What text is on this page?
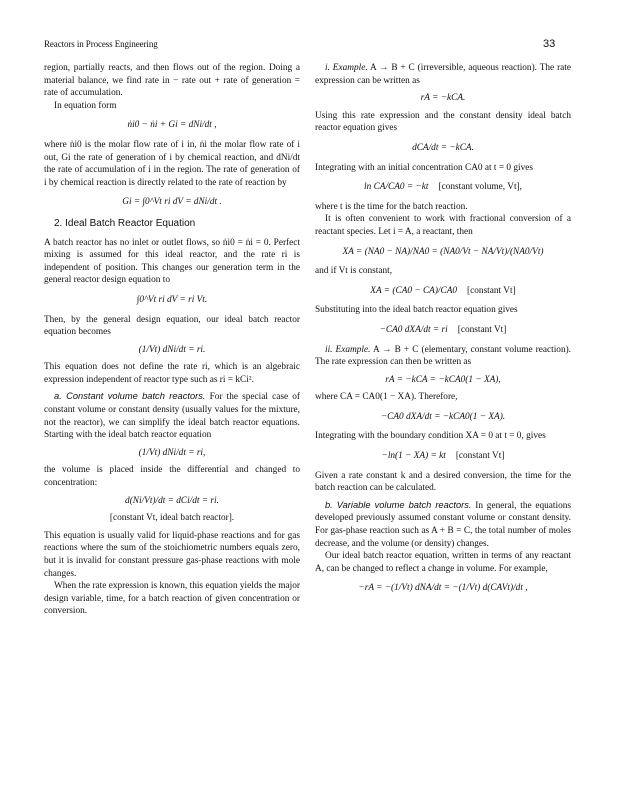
Reactors in Process Engineering	33

region, partially reacts, and then flows out of the region. Doing a material balance, we find rate in − rate out + rate of generation = rate of accumulation.

In equation form

ṅi0 − ṅi + Gi = dNi/dt ,

where ṅi0 is the molar flow rate of i in, ṅi the molar flow rate of i out, Gi the rate of generation of i by chemical reaction, and dNi/dt the rate of accumulation of i in the region. The rate of generation of i by chemical reaction is directly related to the rate of reaction by

Gi = ∫0^Vt ri dV = dNi/dt .
2. Ideal Batch Reactor Equation

A batch reactor has no inlet or outlet flows, so ṅi0 = ṅi = 0. Perfect mixing is assumed for this ideal reactor, and the rate ri is independent of position. This changes our generation term in the general reactor design equation to

∫0^Vt ri dV = ri Vt.

Then, by the general design equation, our ideal batch reactor equation becomes

(1/Vt) dNi/dt = ri.

This equation does not define the rate ri, which is an algebraic expression independent of reactor type such as ri = kCi².

a. Constant volume batch reactors. For the special case of constant volume or constant density (usually values for the mixture, not the reactor), we can simplify the ideal batch reactor equations. Starting with the ideal batch reactor equation

(1/Vt) dNi/dt = ri,

the volume is placed inside the differential and changed to concentration:

d(Ni/Vt)/dt = dCi/dt = ri.
[constant Vt, ideal batch reactor].

This equation is usually valid for liquid-phase reactions and for gas reactions where the sum of the stoichiometric numbers equals zero, but it is invalid for constant pressure gas-phase reactions with mole changes.

When the rate expression is known, this equation yields the major design variable, time, for a batch reaction of given concentration or conversion.

i. Example. A → B + C (irreversible, aqueous reaction). The rate expression can be written as

rA = −kCA.

Using this rate expression and the constant density ideal batch reactor equation gives

dCA/dt = −kCA.

Integrating with an initial concentration CA0 at t = 0 gives

ln CA/CA0 = −kt [constant volume, Vt],

where t is the time for the batch reaction.

It is often convenient to work with fractional conversion of a reactant species. Let i = A, a reactant, then

XA = (NA0 − NA)/NA0 = (NA0/Vt − NA/Vt)/(NA0/Vt)

and if Vt is constant,

XA = (CA0 − CA)/CA0 [constant Vt]

Substituting into the ideal batch reactor equation gives

−CA0 dXA/dt = ri [constant Vt]

ii. Example. A → B + C (elementary, constant volume reaction). The rate expression can then be written as

rA = −kCA = −kCA0(1 − XA),

where CA = CA0(1 − XA). Therefore,

−CA0 dXA/dt = −kCA0(1 − XA).

Integrating with the boundary condition XA = 0 at t = 0, gives

−ln(1 − XA) = kt [constant Vt]

Given a rate constant k and a desired conversion, the time for the batch reaction can be calculated.

b. Variable volume batch reactors. In general, the equations developed previously assumed constant volume or constant density. For gas-phase reaction such as A + B = C, the total number of moles decrease, and the volume (or density) changes.

Our ideal batch reactor equation, written in terms of any reactant A, can be changed to reflect a change in volume. For example,

−rA = −(1/Vt) dNA/dt = −(1/Vt) d(CAVt)/dt ,
